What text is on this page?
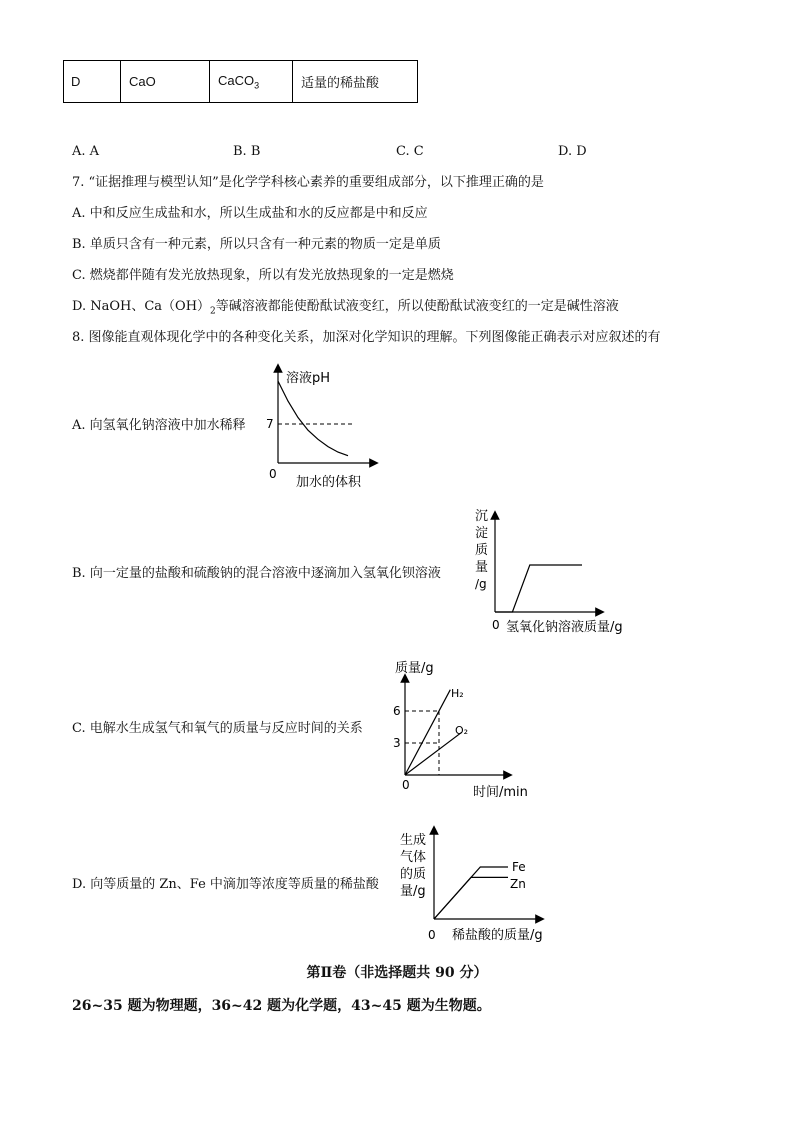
D	CaO	CaCO$_3$	适量的稀盐酸
A. A	B. B	C. C	D. D
7. “证据推理与模型认知”是化学学科核心素养的重要组成部分，以下推理正确的是
A. 中和反应生成盐和水，所以生成盐和水的反应都是中和反应
B. 单质只含有一种元素，所以只含有一种元素的物质一定是单质
C. 燃烧都伴随有发光放热现象，所以有发光放热现象的一定是燃烧
D. NaOH、$Ca(OH)_2$等碱溶液都能使酚酞试液变红，所以使酚酞试液变红的一定是碱性溶液
8. 图像能直观体现化学中的各种变化关系，加深对化学知识的理解。下列图像能正确表示对应叙述的有
A. 向氢氧化钠溶液中加水稀释
B. 向一定量的盐酸和硫酸钠的混合溶液中逐滴加入氢氧化钡溶液
C. 电解水生成氢气和氧气的质量与反应时间的关系
D. 向等质量的 Zn、Fe 中滴加等浓度等质量的稀盐酸
溶液pH
7
0
加水的体积
沉
淀
质
量
/g
0 氢氧化钠溶液质量/g
质量/g
6
3
H₂
O₂
0	时间/min
生成
气体
的质
量/g
Fe
Zn
0 稀盐酸的质量/g
第Ⅱ卷（非选择题共 90 分）
26~35 题为物理题，36~42 题为化学题，43~45 题为生物题。
